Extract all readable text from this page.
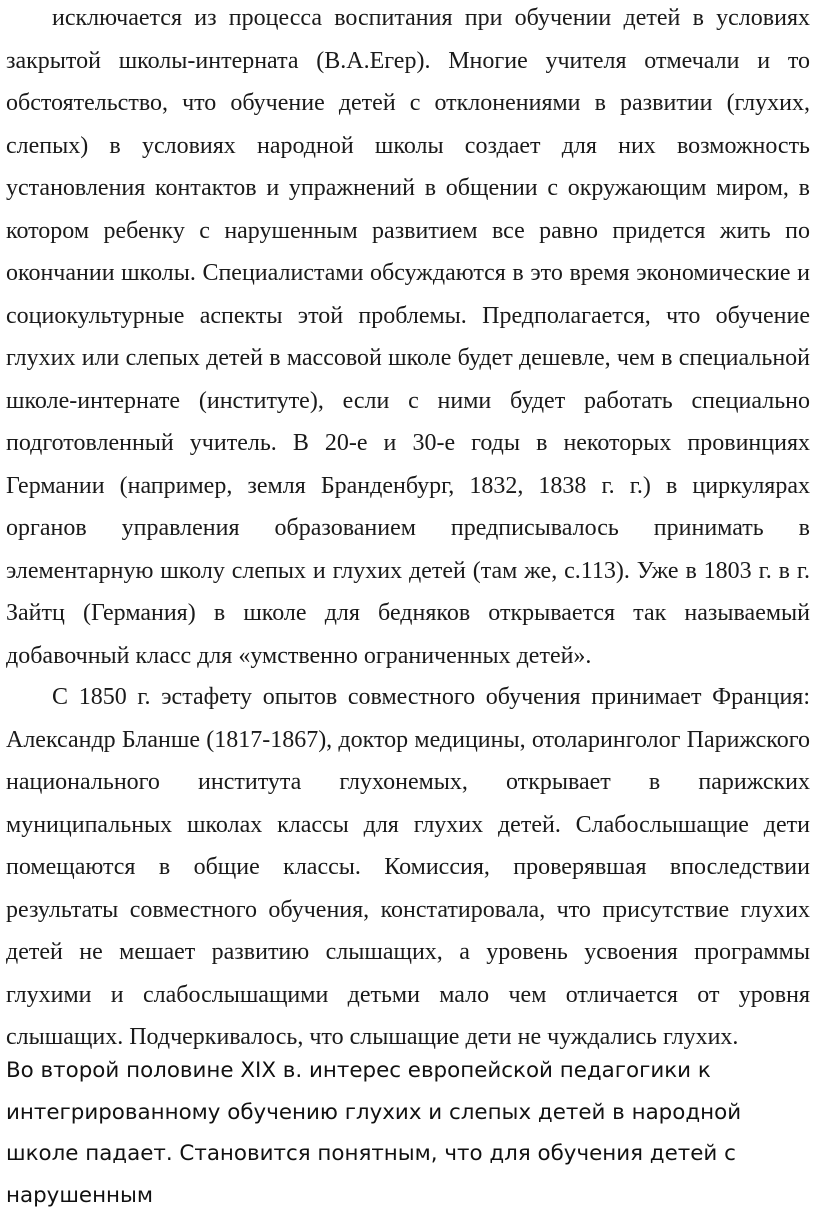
исключается из процесса воспитания при обучении детей в условиях закрытой школы-интерната (В.А.Егер). Многие учителя отмечали и то обстоятельство, что обучение детей с отклонениями в развитии (глухих, слепых) в условиях народной школы создает для них возможность установления контактов и упражнений в общении с окружающим миром, в котором ребенку с нарушенным развитием все равно придется жить по окончании школы. Специалистами обсуждаются в это время экономические и социокультурные аспекты этой проблемы. Предполагается, что обучение глухих или слепых детей в массовой школе будет дешевле, чем в специальной школе-интернате (институте), если с ними будет работать специально подготовленный учитель. В 20-е и 30-е годы в некоторых провинциях Германии (например, земля Бранденбург, 1832, 1838 г. г.) в циркулярах органов управления образованием предписывалось принимать в элементарную школу слепых и глухих детей (там же, с.113). Уже в 1803 г. в г. Зайтц (Германия) в школе для бедняков открывается так называемый добавочный класс для «умственно ограниченных детей».

С 1850 г. эстафету опытов совместного обучения принимает Франция: Александр Бланше (1817-1867), доктор медицины, отоларинголог Парижского национального института глухонемых, открывает в парижских муниципальных школах классы для глухих детей. Слабослышащие дети помещаются в общие классы. Комиссия, проверявшая впоследствии результаты совместного обучения, констатировала, что присутствие глухих детей не мешает развитию слышащих, а уровень усвоения программы глухими и слабослышащими детьми мало чем отличается от уровня слышащих. Подчеркивалось, что слышащие дети не чуждались глухих.

Во второй половине XIX в. интерес европейской педагогики к интегрированному обучению глухих и слепых детей в народной школе падает. Становится понятным, что для обучения детей с нарушенным
